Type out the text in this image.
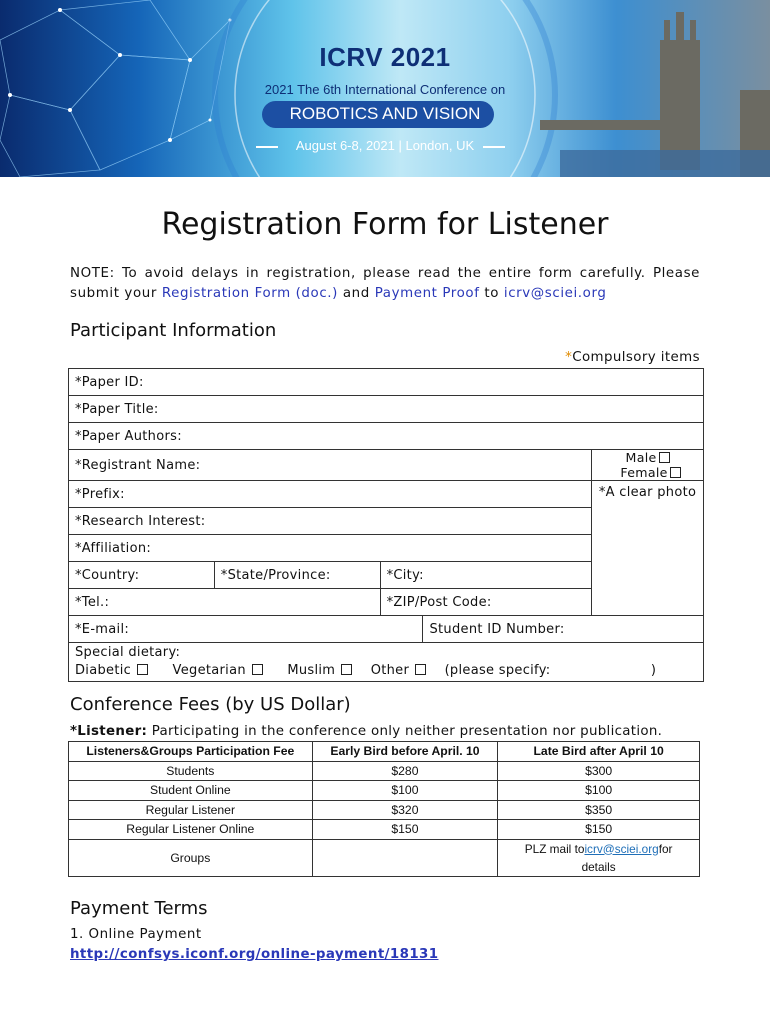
ICRV 2021
2021 The 6th International Conference on
ROBOTICS AND VISION
August 6-8, 2021 | London, UK
Registration Form for Listener
NOTE: To avoid delays in registration, please read the entire form carefully. Please
submit your Registration Form (doc.) and Payment Proof to icrv@sciei.org
Participant Information
*Compulsory items
*Paper ID:				
*Paper Title:				
*Paper Authors:				
*Registrant Name:				Male Female
*Prefix:				*A clear photo
*Research Interest:				
*Affiliation:				
*Country:	*State/Province:	*City:		
*Tel.:		*ZIP/Post Code:		
*E-mail:			Student ID Number:	

Special dietary:
Diabetic Vegetarian Muslim Other (please specify: )				
Conference Fees (by US Dollar)
*Listener: Participating in the conference only neither presentation nor publication.
Listeners&Groups Participation Fee	Early Bird before April. 10	Late Bird after April 10
Students	$280	$300
Student Online	$100	$100
Regular Listener	$320	$350
Regular Listener Online	$150	$150
Groups		PLZ mail toicrv@sciei.orgfor
details
Payment Terms
1. Online Payment
http://confsys.iconf.org/online-payment/18131
